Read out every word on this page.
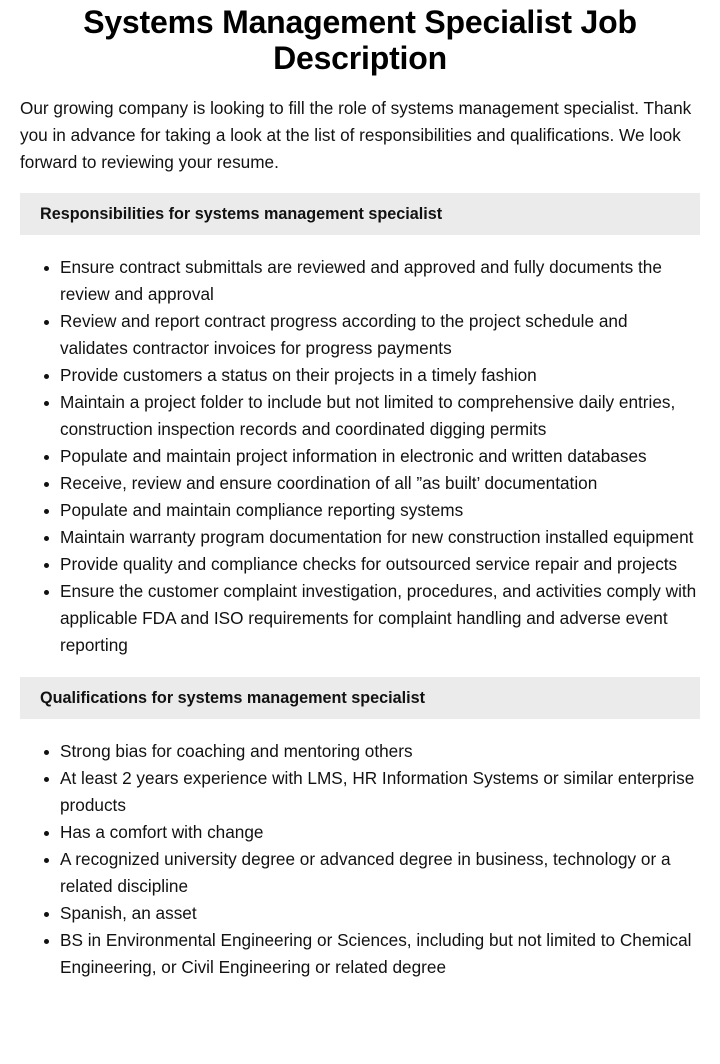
Systems Management Specialist Job Description

Our growing company is looking to fill the role of systems management specialist. Thank you in advance for taking a look at the list of responsibilities and qualifications. We look forward to reviewing your resume.

Responsibilities for systems management specialist
Ensure contract submittals are reviewed and approved and fully documents the review and approval
Review and report contract progress according to the project schedule and validates contractor invoices for progress payments
Provide customers a status on their projects in a timely fashion
Maintain a project folder to include but not limited to comprehensive daily entries, construction inspection records and coordinated digging permits
Populate and maintain project information in electronic and written databases
Receive, review and ensure coordination of all ”as built’ documentation
Populate and maintain compliance reporting systems
Maintain warranty program documentation for new construction installed equipment
Provide quality and compliance checks for outsourced service repair and projects
Ensure the customer complaint investigation, procedures, and activities comply with applicable FDA and ISO requirements for complaint handling and adverse event reporting
Qualifications for systems management specialist
Strong bias for coaching and mentoring others
At least 2 years experience with LMS, HR Information Systems or similar enterprise products
Has a comfort with change
A recognized university degree or advanced degree in business, technology or a related discipline
Spanish, an asset
BS in Environmental Engineering or Sciences, including but not limited to Chemical Engineering, or Civil Engineering or related degree
